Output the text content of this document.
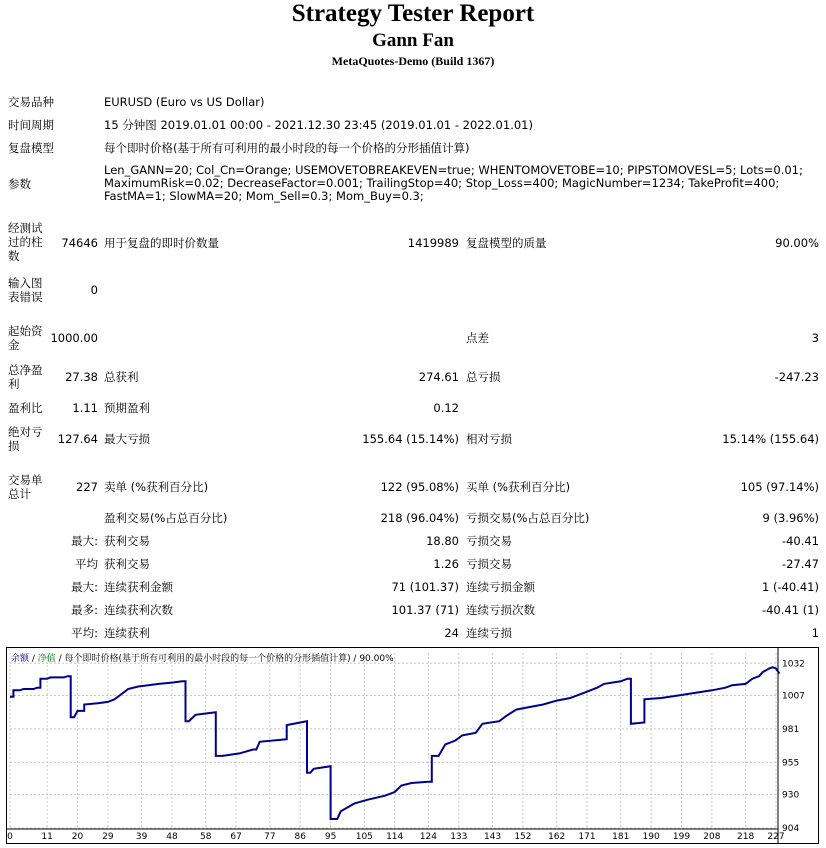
Strategy Tester Report
Gann Fan
MetaQuotes-Demo (Build 1367)
交易品种	EURUSD (Euro vs US Dollar)
时间周期	15 分钟图 2019.01.01 00:00 - 2021.12.30 23:45 (2019.01.01 - 2022.01.01)
复盘模型	每个即时价格(基于所有可利用的最小时段的每一个价格的分形插值计算)
参数
Len_GANN=20; Col_Cn=Orange; USEMOVETOBREAKEVEN=true; WHENTOMOVETOBE=10; PIPSTOMOVESL=5; Lots=0.01; MaximumRisk=0.02; DecreaseFactor=0.001; TrailingStop=40; Stop_Loss=400; MagicNumber=1234; TakeProfit=400; FastMA=1; SlowMA=20; Mom_Sell=0.3; Mom_Buy=0.3;
经测试过的柱数
74646 用于复盘的即时价数量	1419989 复盘模型的质量	90.00%
输入图表错误	0
起始资金	1000.00	点差	3
总净盈利	27.38 总获利	274.61 总亏损	-247.23
盈利比	1.11 预期盈利	0.12
绝对亏损	127.64 最大亏损	155.64 (15.14%) 相对亏损	15.14% (155.64)
交易单总计	227 卖单 (%获利百分比)	122 (95.08%) 买单 (%获利百分比)	105 (97.14%)
盈利交易(%占总百分比)	218 (96.04%) 亏损交易(%占总百分比)	9 (3.96%)
最大: 获利交易	18.80 亏损交易	-40.41
平均 获利交易	1.26 亏损交易	-27.47
最大: 连续获利金额	71 (101.37) 连续亏损金额	1 (-40.41)
最多: 连续获利次数	101.37 (71) 连续亏损次数	-40.41 (1)
平均: 连续获利	24 连续亏损	1
1032
1007
981
955
930
904
0	11 20 29 39 48 58 67 77 86 95 105 114 124 133 143 152 162 171 181 190 199 208 218 227
余额 / 净值 / 每个即时价格(基于所有可利用的最小时段的每一个价格的分形插值计算) / 90.00%
